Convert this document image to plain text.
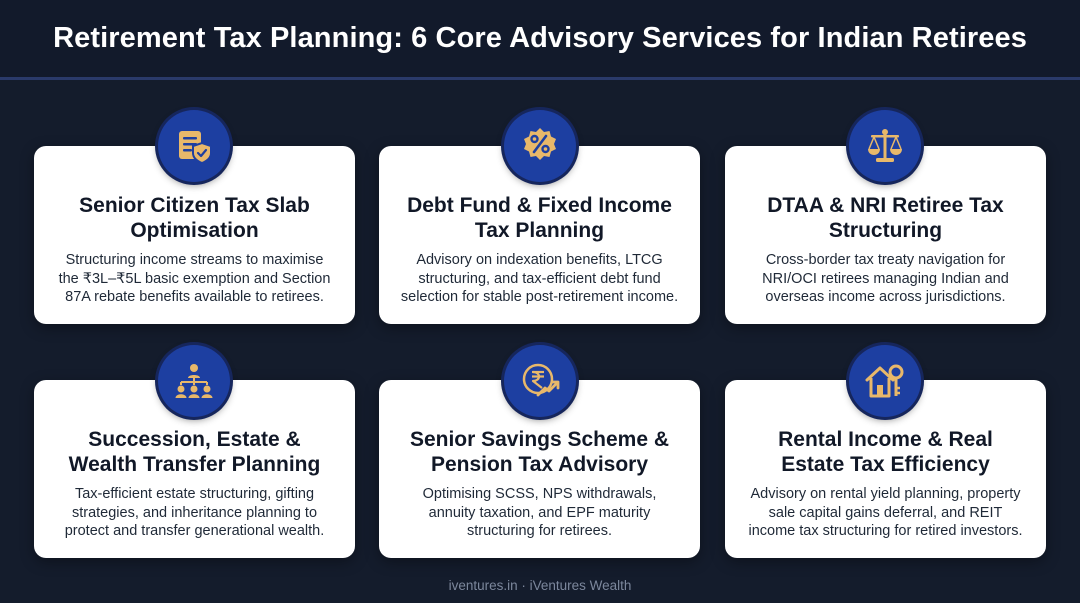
Retirement Tax Planning: 6 Core Advisory Services for Indian Retirees
Senior Citizen Tax Slab
Optimisation
Structuring income streams to maximise
the ₹3L–₹5L basic exemption and Section
87A rebate benefits available to retirees.
Debt Fund & Fixed Income
Tax Planning
Advisory on indexation benefits, LTCG
structuring, and tax-efficient debt fund
selection for stable post-retirement income.
DTAA & NRI Retiree Tax
Structuring
Cross-border tax treaty navigation for
NRI/OCI retirees managing Indian and
overseas income across jurisdictions.
Succession, Estate &
Wealth Transfer Planning
Tax-efficient estate structuring, gifting
strategies, and inheritance planning to
protect and transfer generational wealth.
Senior Savings Scheme &
Pension Tax Advisory
Optimising SCSS, NPS withdrawals,
annuity taxation, and EPF maturity
structuring for retirees.
Rental Income & Real
Estate Tax Efficiency
Advisory on rental yield planning, property
sale capital gains deferral, and REIT
income tax structuring for retired investors.
iventures.in · iVentures Wealth
